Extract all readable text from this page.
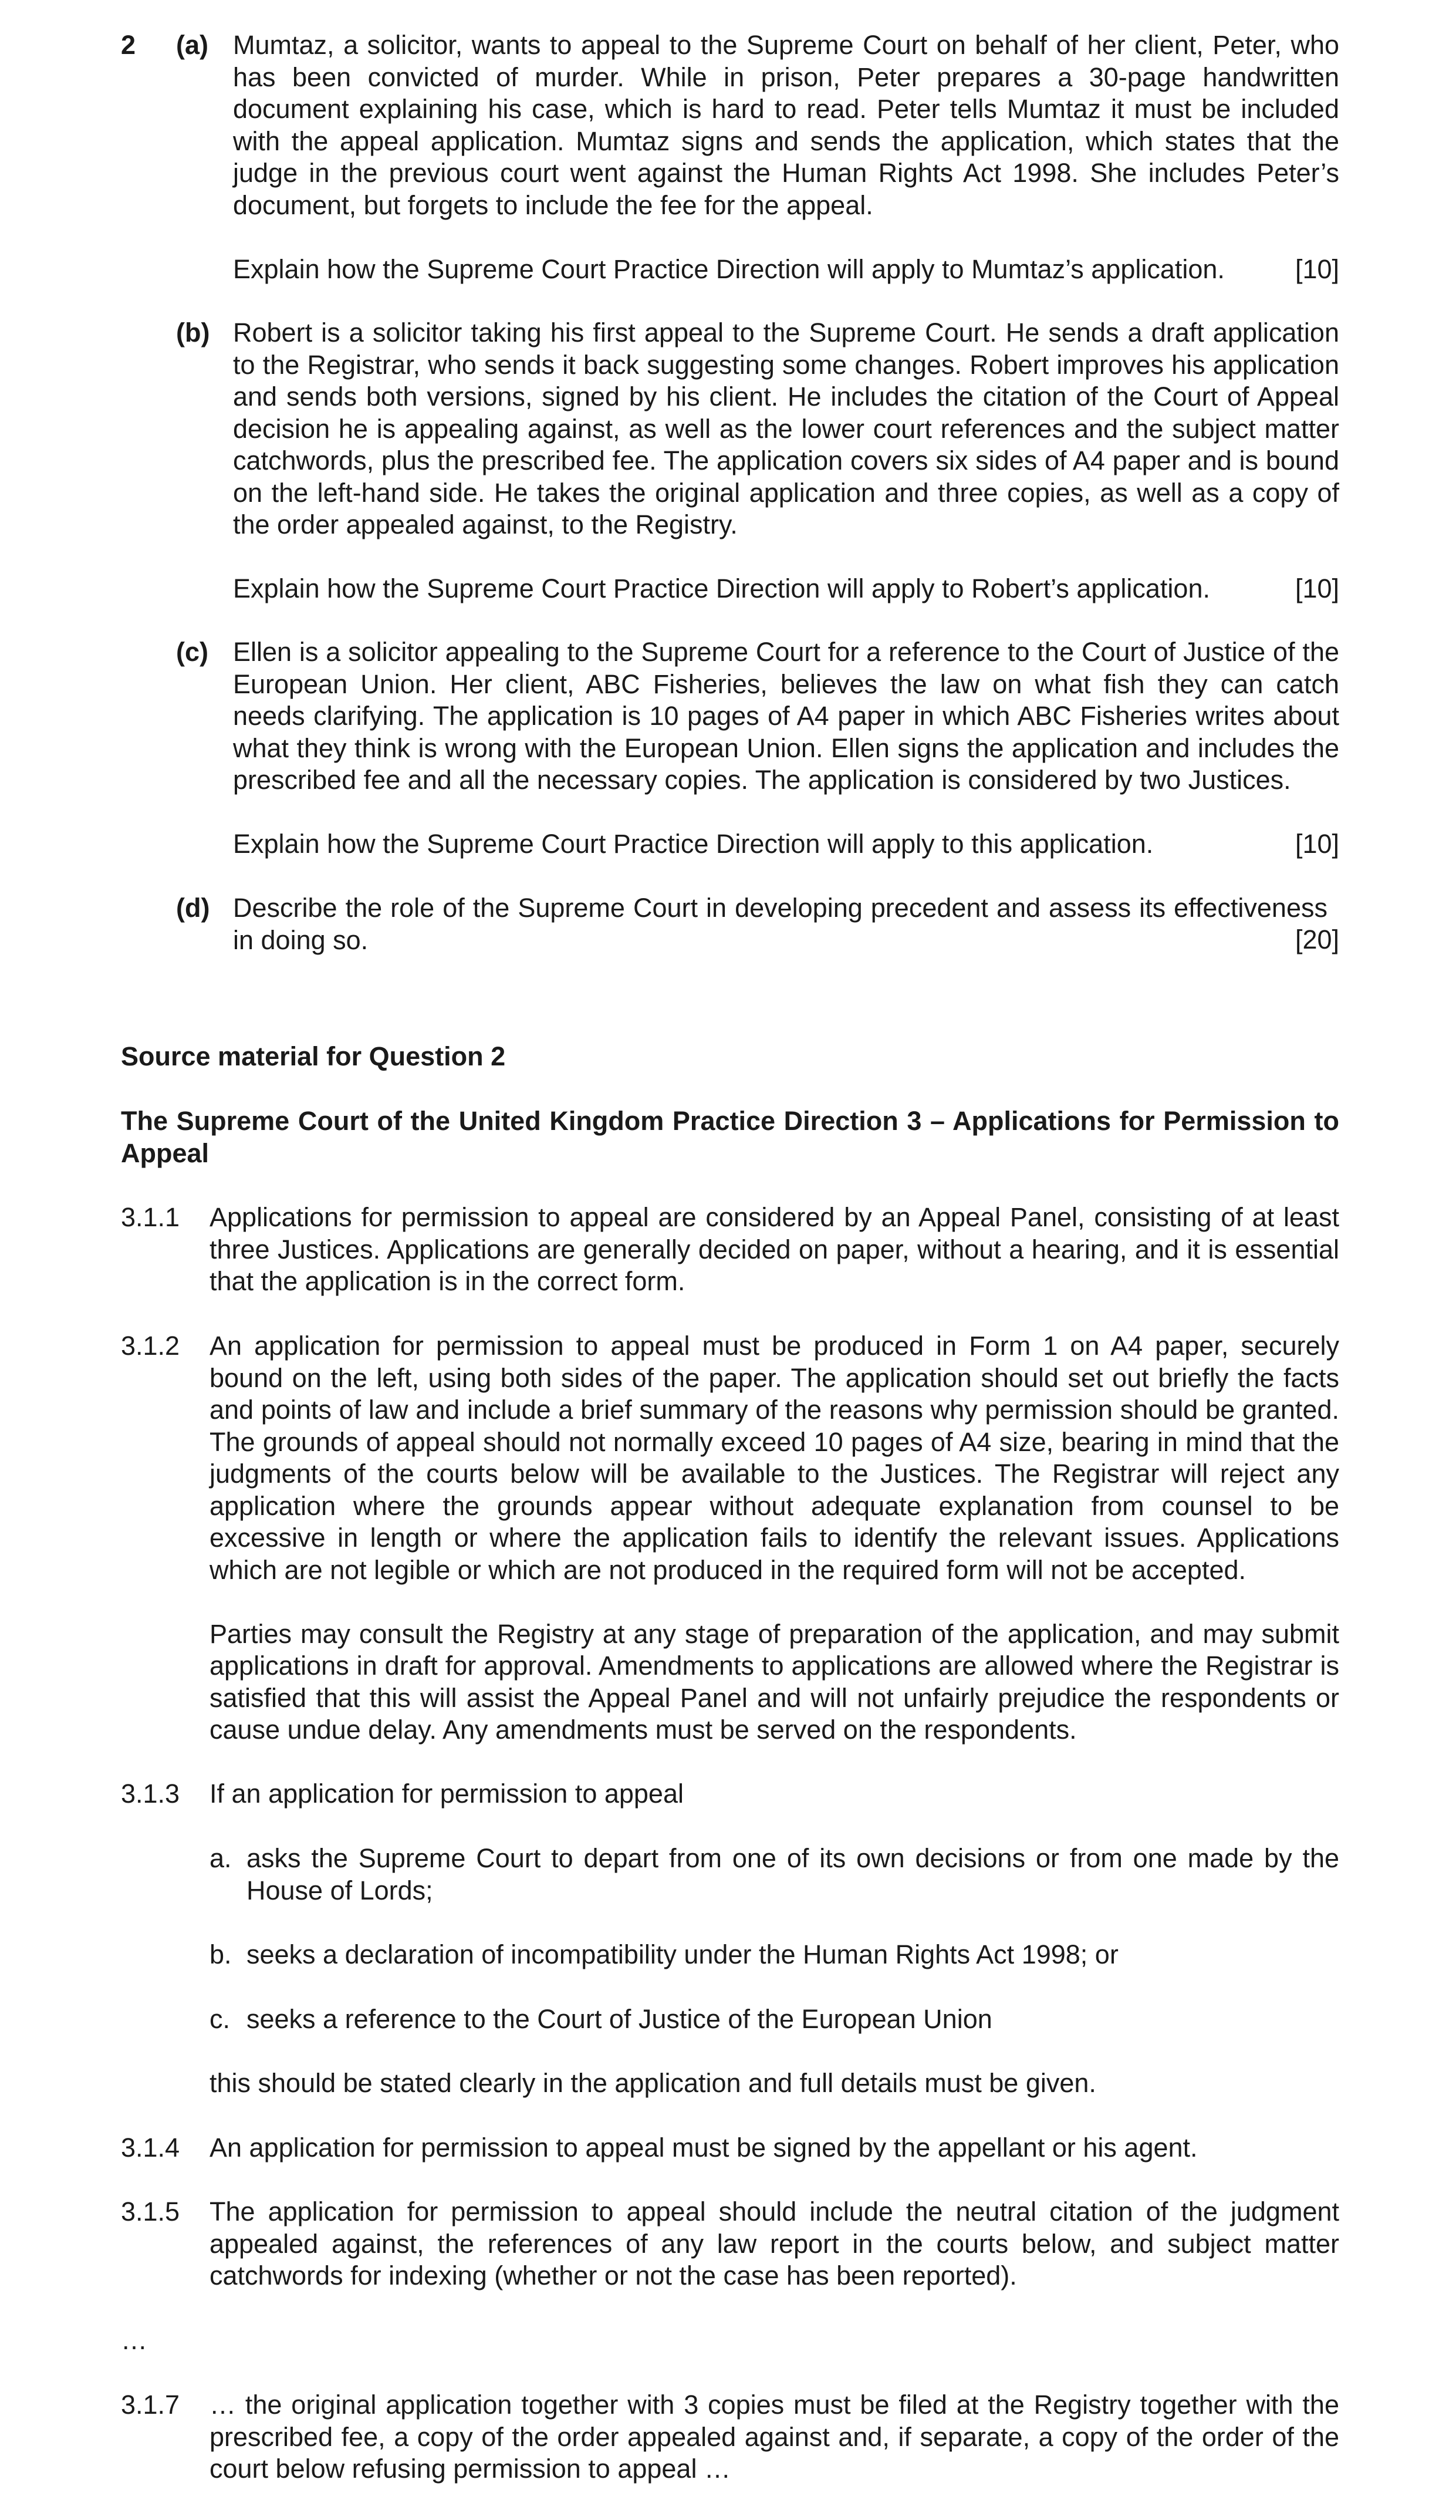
2 (a) Mumtaz, a solicitor, wants to appeal to the Supreme Court on behalf of her client, Peter, who has been convicted of murder. While in prison, Peter prepares a 30-page handwritten document explaining his case, which is hard to read. Peter tells Mumtaz it must be included with the appeal application. Mumtaz signs and sends the application, which states that the judge in the previous court went against the Human Rights Act 1998. She includes Peter’s document, but forgets to include the fee for the appeal.

Explain how the Supreme Court Practice Direction will apply to Mumtaz’s application.	[10]

(b) Robert is a solicitor taking his first appeal to the Supreme Court. He sends a draft application to the Registrar, who sends it back suggesting some changes. Robert improves his application and sends both versions, signed by his client. He includes the citation of the Court of Appeal decision he is appealing against, as well as the lower court references and the subject matter catchwords, plus the prescribed fee. The application covers six sides of A4 paper and is bound on the left-hand side. He takes the original application and three copies, as well as a copy of the order appealed against, to the Registry.

Explain how the Supreme Court Practice Direction will apply to Robert’s application.	[10]

(c) Ellen is a solicitor appealing to the Supreme Court for a reference to the Court of Justice of the European Union. Her client, ABC Fisheries, believes the law on what fish they can catch needs clarifying. The application is 10 pages of A4 paper in which ABC Fisheries writes about what they think is wrong with the European Union. Ellen signs the application and includes the prescribed fee and all the necessary copies. The application is considered by two Justices.

Explain how the Supreme Court Practice Direction will apply to this application.	[10]

(d) Describe the role of the Supreme Court in developing precedent and assess its effectiveness in doing so.	[20]
Source material for Question 2
The Supreme Court of the United Kingdom Practice Direction 3 – Applications for Permission to Appeal
3.1.1 Applications for permission to appeal are considered by an Appeal Panel, consisting of at least three Justices. Applications are generally decided on paper, without a hearing, and it is essential that the application is in the correct form.
3.1.2 An application for permission to appeal must be produced in Form 1 on A4 paper, securely bound on the left, using both sides of the paper. The application should set out briefly the facts and points of law and include a brief summary of the reasons why permission should be granted. The grounds of appeal should not normally exceed 10 pages of A4 size, bearing in mind that the judgments of the courts below will be available to the Justices. The Registrar will reject any application where the grounds appear without adequate explanation from counsel to be excessive in length or where the application fails to identify the relevant issues. Applications which are not legible or which are not produced in the required form will not be accepted.

Parties may consult the Registry at any stage of preparation of the application, and may submit applications in draft for approval. Amendments to applications are allowed where the Registrar is satisfied that this will assist the Appeal Panel and will not unfairly prejudice the respondents or cause undue delay. Any amendments must be served on the respondents.

3.1.3 If an application for permission to appeal
a. asks the Supreme Court to depart from one of its own decisions or from one made by the House of Lords;
b. seeks a declaration of incompatibility under the Human Rights Act 1998; or
c. seeks a reference to the Court of Justice of the European Union
this should be stated clearly in the application and full details must be given.
3.1.4 An application for permission to appeal must be signed by the appellant or his agent.
3.1.5 The application for permission to appeal should include the neutral citation of the judgment appealed against, the references of any law report in the courts below, and subject matter catchwords for indexing (whether or not the case has been reported).
…
3.1.7 … the original application together with 3 copies must be filed at the Registry together with the prescribed fee, a copy of the order appealed against and, if separate, a copy of the order of the court below refusing permission to appeal …
